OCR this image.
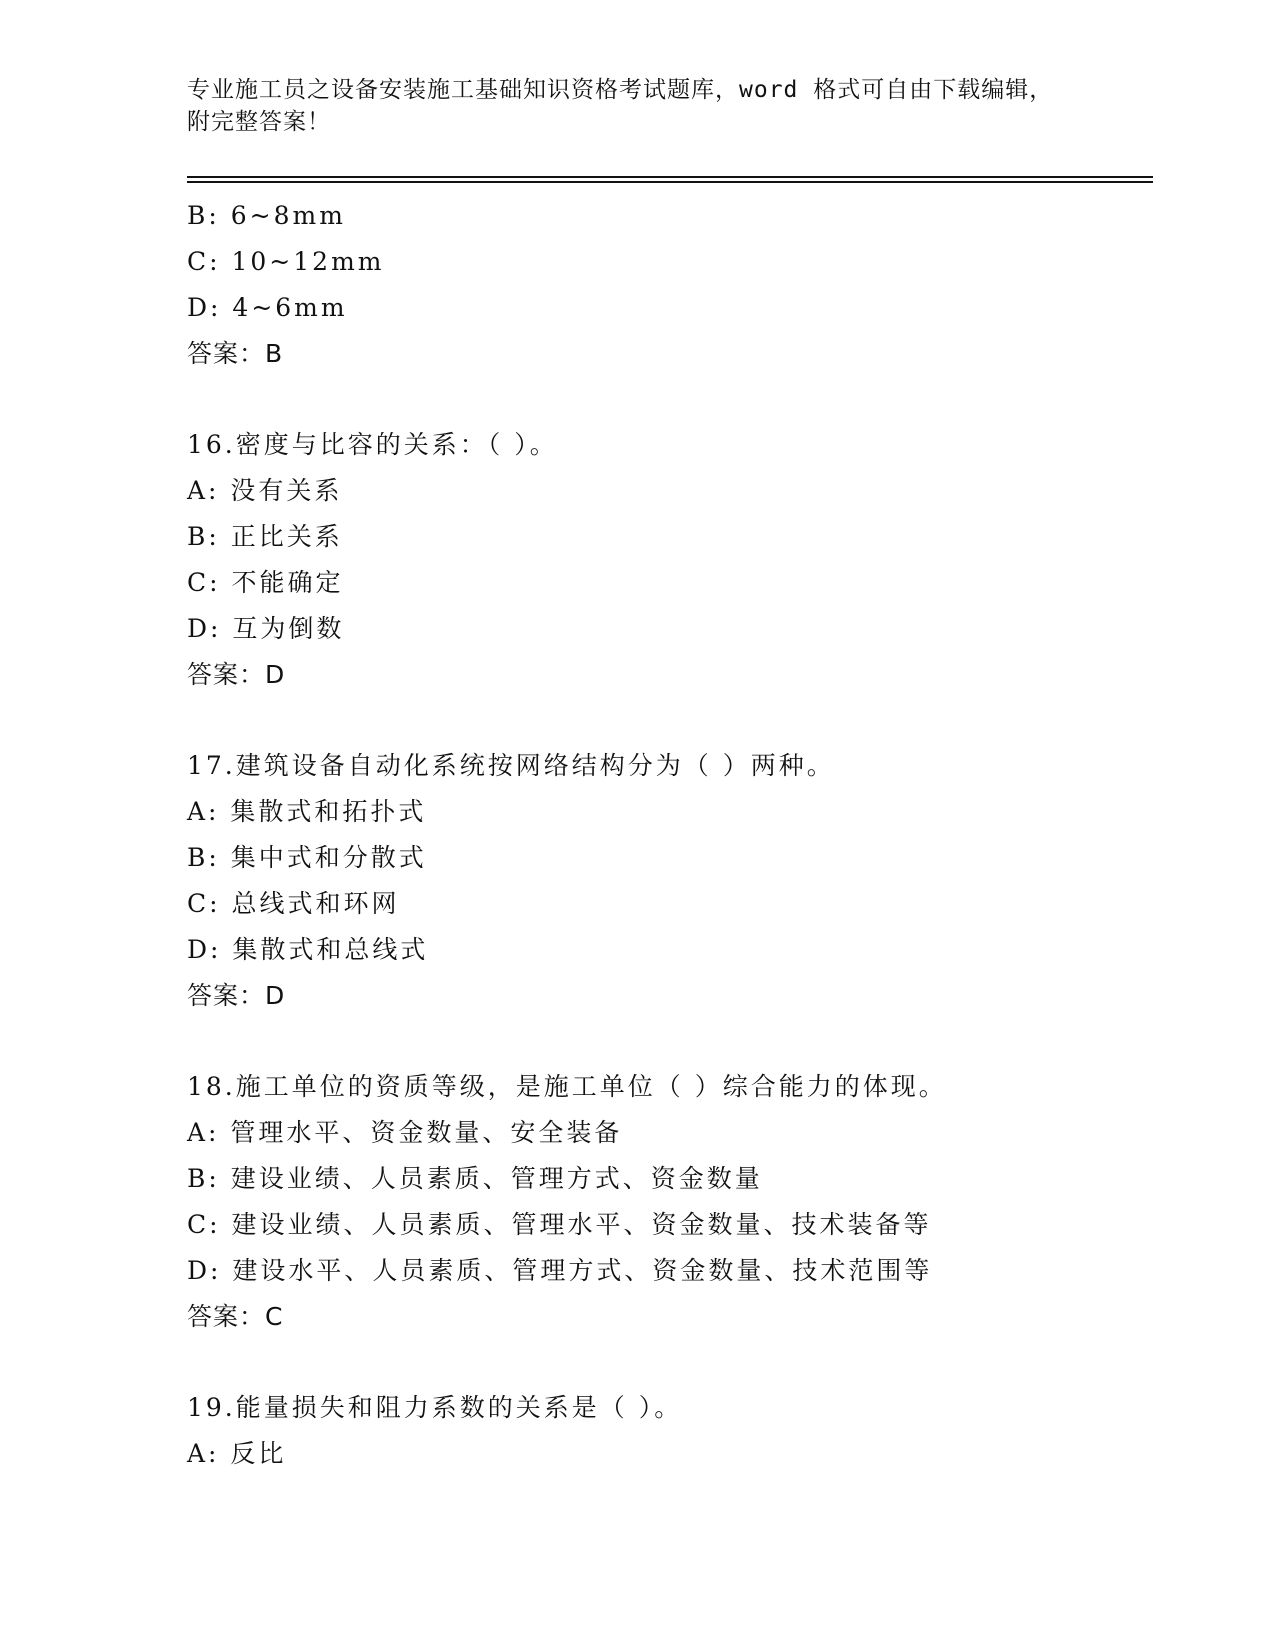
专业施工员之设备安装施工基础知识资格考试题库，word 格式可自由下载编辑，
附完整答案！
B: 6~8mm
C: 10~12mm
D: 4~6mm
答案：B
16.密度与比容的关系：（ ）。
A: 没有关系
B: 正比关系
C: 不能确定
D: 互为倒数
答案：D
17.建筑设备自动化系统按网络结构分为（ ）两种。
A: 集散式和拓扑式
B: 集中式和分散式
C: 总线式和环网
D: 集散式和总线式
答案：D
18.施工单位的资质等级，是施工单位（ ）综合能力的体现。
A: 管理水平、资金数量、安全装备
B: 建设业绩、人员素质、管理方式、资金数量
C: 建设业绩、人员素质、管理水平、资金数量、技术装备等
D: 建设水平、人员素质、管理方式、资金数量、技术范围等
答案：C
19.能量损失和阻力系数的关系是（ ）。
A: 反比
